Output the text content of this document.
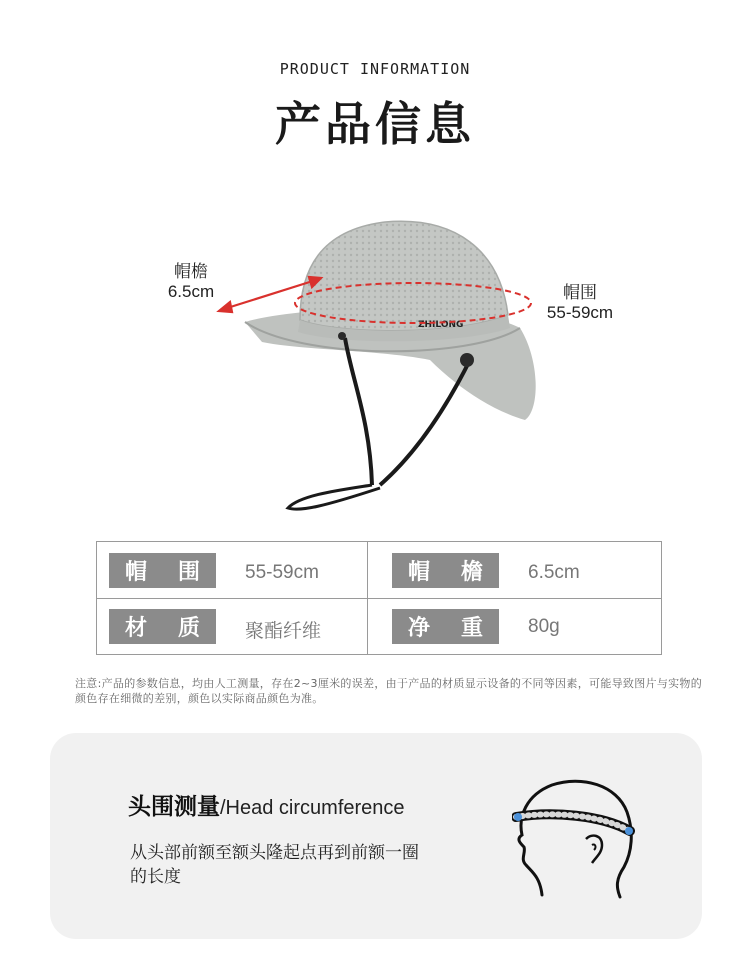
PRODUCT INFORMATION
产品信息
ZHILONG
帽檐
6.5cm	帽围
55-59cm
帽 围 55-59cm	帽 檐 6.5cm
材 质 聚酯纤维	净 重 80g
注意:产品的参数信息，均由人工测量，存在2~3厘米的误差，由于产品的材质显示设备的不同等因素，可能导致图片与实物的颜色存在细微的差别，颜色以实际商品颜色为准。
头围测量/Head circumference
从头部前额至额头隆起点再到前额一圈的长度
